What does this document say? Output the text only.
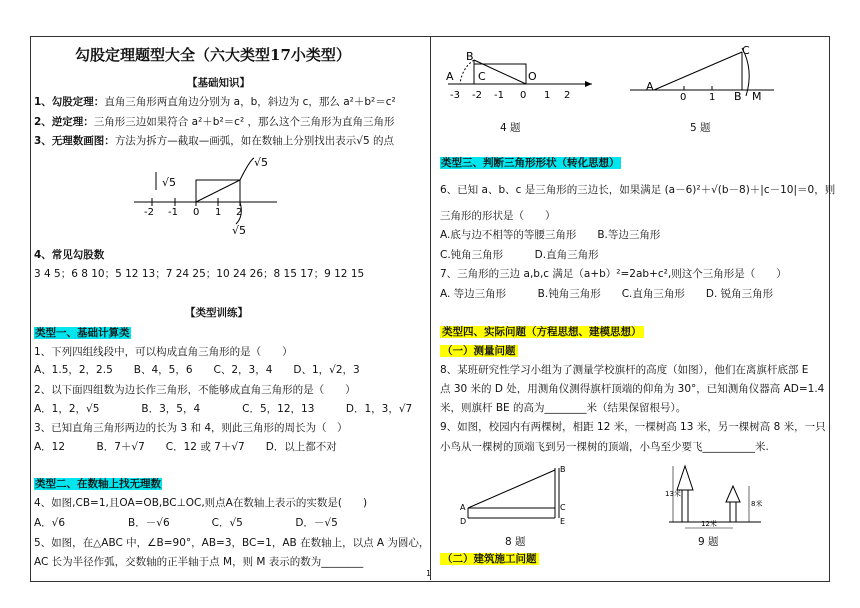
勾股定理题型大全（六大类型17小类型）
【基础知识】
1、勾股定理：直角三角形两直角边分别为 a，b，斜边为 c，那么 a²＋b²＝c²
2、逆定理：三角形三边如果符合 a²＋b²＝c² ，那么这个三角形为直角三角形
3、无理数画图：方法为拆方—截取—画弧，如在数轴上分别找出表示√5 的点
√5
√5
√5
-2 -1 0 1 2
4、常见勾股数
3 4 5；6 8 10；5 12 13；7 24 25；10 24 26；8 15 17；9 12 15
【类型训练】
类型一、基础计算类
1、下列四组线段中，可以构成直角三角形的是（　　）
A、1.5，2，2.5　　B、4，5，6　　C、2，3，4　　D、1，√2，3
2、以下面四组数为边长作三角形，不能够成直角三角形的是（　　）
A．1，2，√5　　　　B．3，5，4　　　　C．5，12，13　　　D．1，3，√7
3、已知直角三角形两边的长为 3 和 4，则此三角形的周长为（　）
A．12　　　B．7＋√7　　C．12 或 7＋√7　　D．以上都不对
类型二、在数轴上找无理数
4、如图,CB=1,且OA=OB,BC⊥OC,则点A在数轴上表示的实数是(　　)
A．√6　　　　　　B．－√6　　　　C．√5　　　　　D．－√5
5、如图，在△ABC 中，∠B=90°，AB=3，BC=1，AB 在数轴上，以点 A 为圆心，
AC 长为半径作弧，交数轴的正半轴于点 M，则 M 表示的数为________
B
C	O
A
-3 -2 -1 0 1 2
4 题
C
A
B M
0 1
5 题
类型三、判断三角形形状（转化思想）
6、已知 a、b、c 是三角形的三边长，如果满足 (a－6)²＋√(b－8)＋|c－10|＝0，则
三角形的形状是（　　）
A.底与边不相等的等腰三角形　　B.等边三角形
C.钝角三角形　　　D.直角三角形
7、三角形的三边 a,b,c 满足（a+b）²=2ab+c²,则这个三角形是（　　）
A. 等边三角形　　　B.钝角三角形　　C.直角三角形　　D. 锐角三角形
类型四、实际问题（方程思想、建模思想）
（一）测量问题
8、某班研究性学习小组为了测量学校旗杆的高度（如图），他们在离旗杆底部 E
点 30 米的 D 处，用测角仪测得旗杆顶端的仰角为 30°，已知测角仪器高 AD=1.4
米，则旗杆 BE 的高为________米（结果保留根号）。
9、如图，校园内有两棵树，相距 12 米，一棵树高 13 米，另一棵树高 8 米，一只
小鸟从一棵树的顶端飞到另一棵树的顶端，小鸟至少要飞__________米.
B
A	C
D	E
8 题
13米
8米
12米
9 题
（二）建筑施工问题
1
